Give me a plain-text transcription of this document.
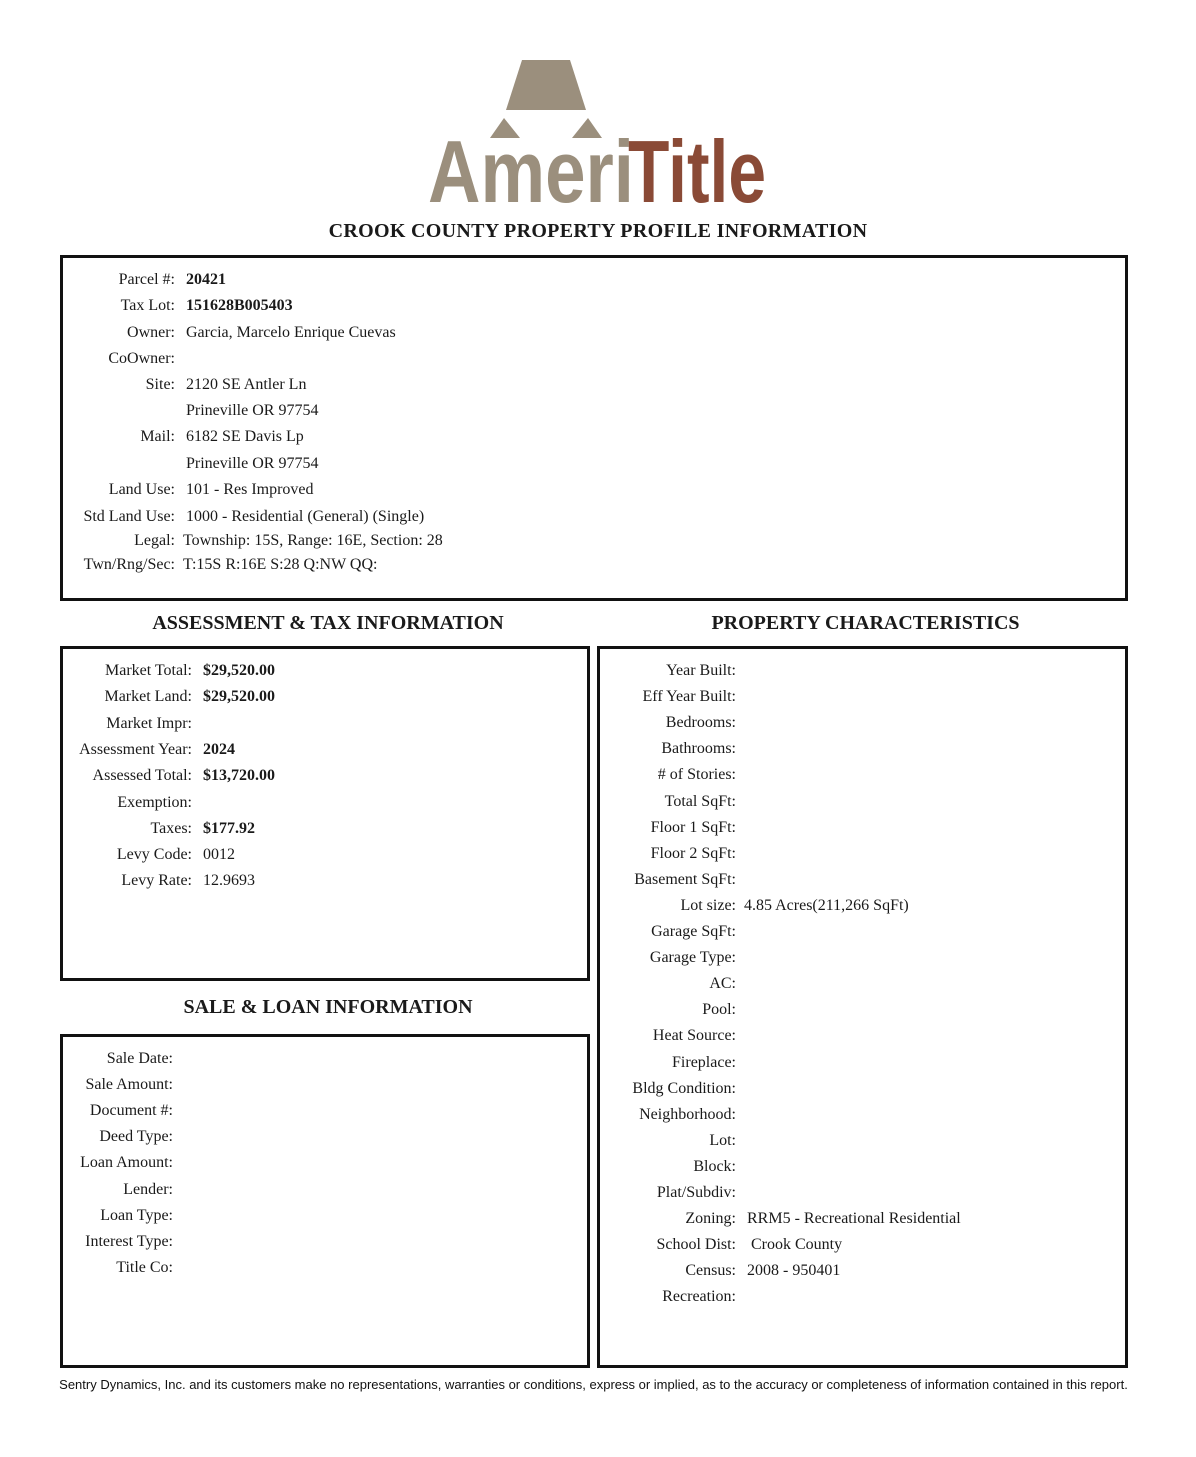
Ameri
Title
CROOK COUNTY PROPERTY PROFILE INFORMATION
Parcel #: 20421
Tax Lot: 151628B005403
Owner: Garcia, Marcelo Enrique Cuevas
CoOwner:
Site: 2120 SE Antler Ln
Prineville OR 97754
Mail: 6182 SE Davis Lp
Prineville OR 97754
Land Use: 101 - Res Improved
Std Land Use: 1000 - Residential (General) (Single)
Legal: Township: 15S, Range: 16E, Section: 28
Twn/Rng/Sec: T:15S R:16E S:28 Q:NW QQ:
ASSESSMENT & TAX INFORMATION	PROPERTY CHARACTERISTICS
SALE & LOAN INFORMATION
Market Total: $29,520.00
Market Land: $29,520.00
Market Impr:
Assessment Year: 2024
Assessed Total: $13,720.00
Exemption:
Taxes: $177.92
Levy Code: 0012
Levy Rate: 12.9693
Sale Date:
Sale Amount:
Document #:
Deed Type:
Loan Amount:
Lender:
Loan Type:
Interest Type:
Title Co:
Year Built:
Eff Year Built:
Bedrooms:
Bathrooms:
# of Stories:
Total SqFt:
Floor 1 SqFt:
Floor 2 SqFt:
Basement SqFt:
Lot size: 4.85 Acres(211,266 SqFt)
Garage SqFt:
Garage Type:
AC:
Pool:
Heat Source:
Fireplace:
Bldg Condition:
Neighborhood:
Lot:
Block:
Plat/Subdiv:
Zoning: RRM5 - Recreational Residential
School Dist: Crook County
Census: 2008 - 950401
Recreation:
Sentry Dynamics, Inc. and its customers make no representations, warranties or conditions, express or implied, as to the accuracy or completeness of information contained in this report.
